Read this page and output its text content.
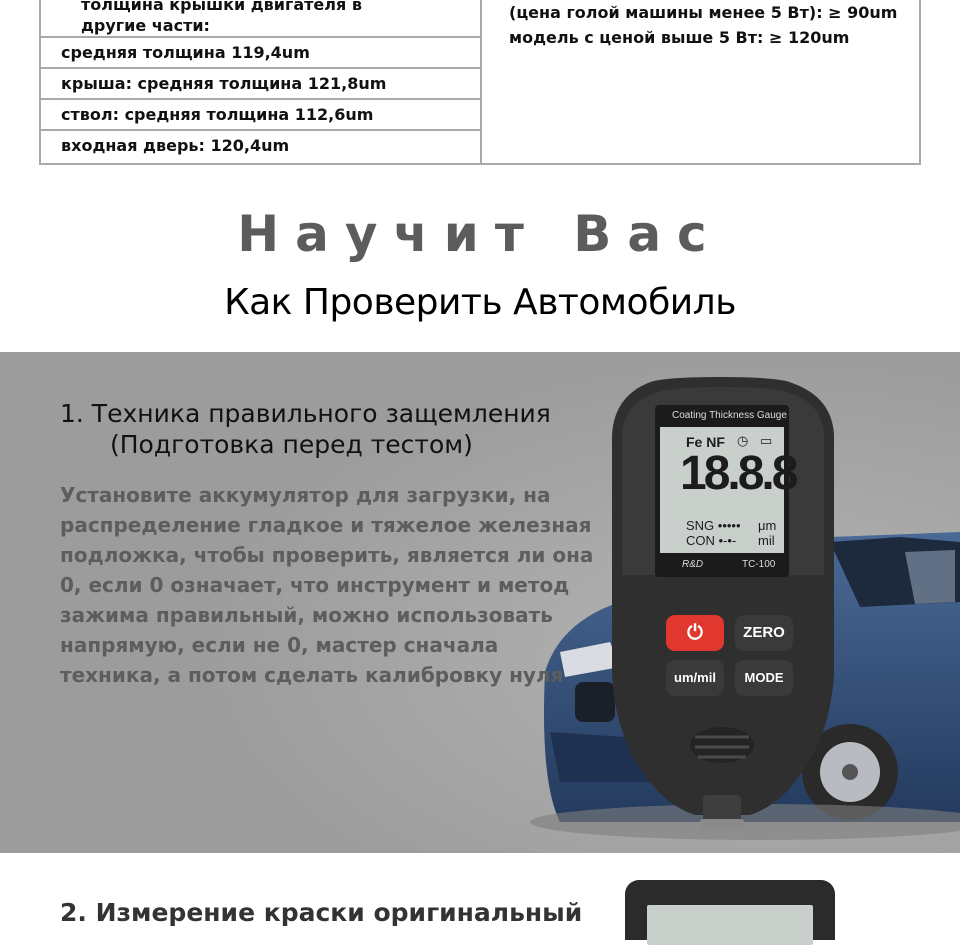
толщина крышки двигателя в
другие части:
средняя толщина 119,4um
крыша: средняя толщина 121,8um
ствол: средняя толщина 112,6um
входная дверь: 120,4um
(цена голой машины менее 5 Вт): ≥ 90um
модель с ценой выше 5 Вт: ≥ 120um
Научит Вас
Как Проверить Автомобиль
1. Техника правильного защемления
(Подготовка перед тестом)
Установите аккумулятор для загрузки, на распределение гладкое и тяжелое железная подложка, чтобы проверить, является ли она 0, если 0 означает, что инструмент и метод зажима правильный, можно использовать напрямую, если не 0, мастер сначала техника, а потом сделать калибровку нуля
Coating Thickness Gauge
Fe NF ◷ ▭
18.8.8
SNG •••••
CON •-•-
μm
mil
R&D	TC-100
⏻	ZERO
um/mil	MODE
2. Измерение краски оригинальный
